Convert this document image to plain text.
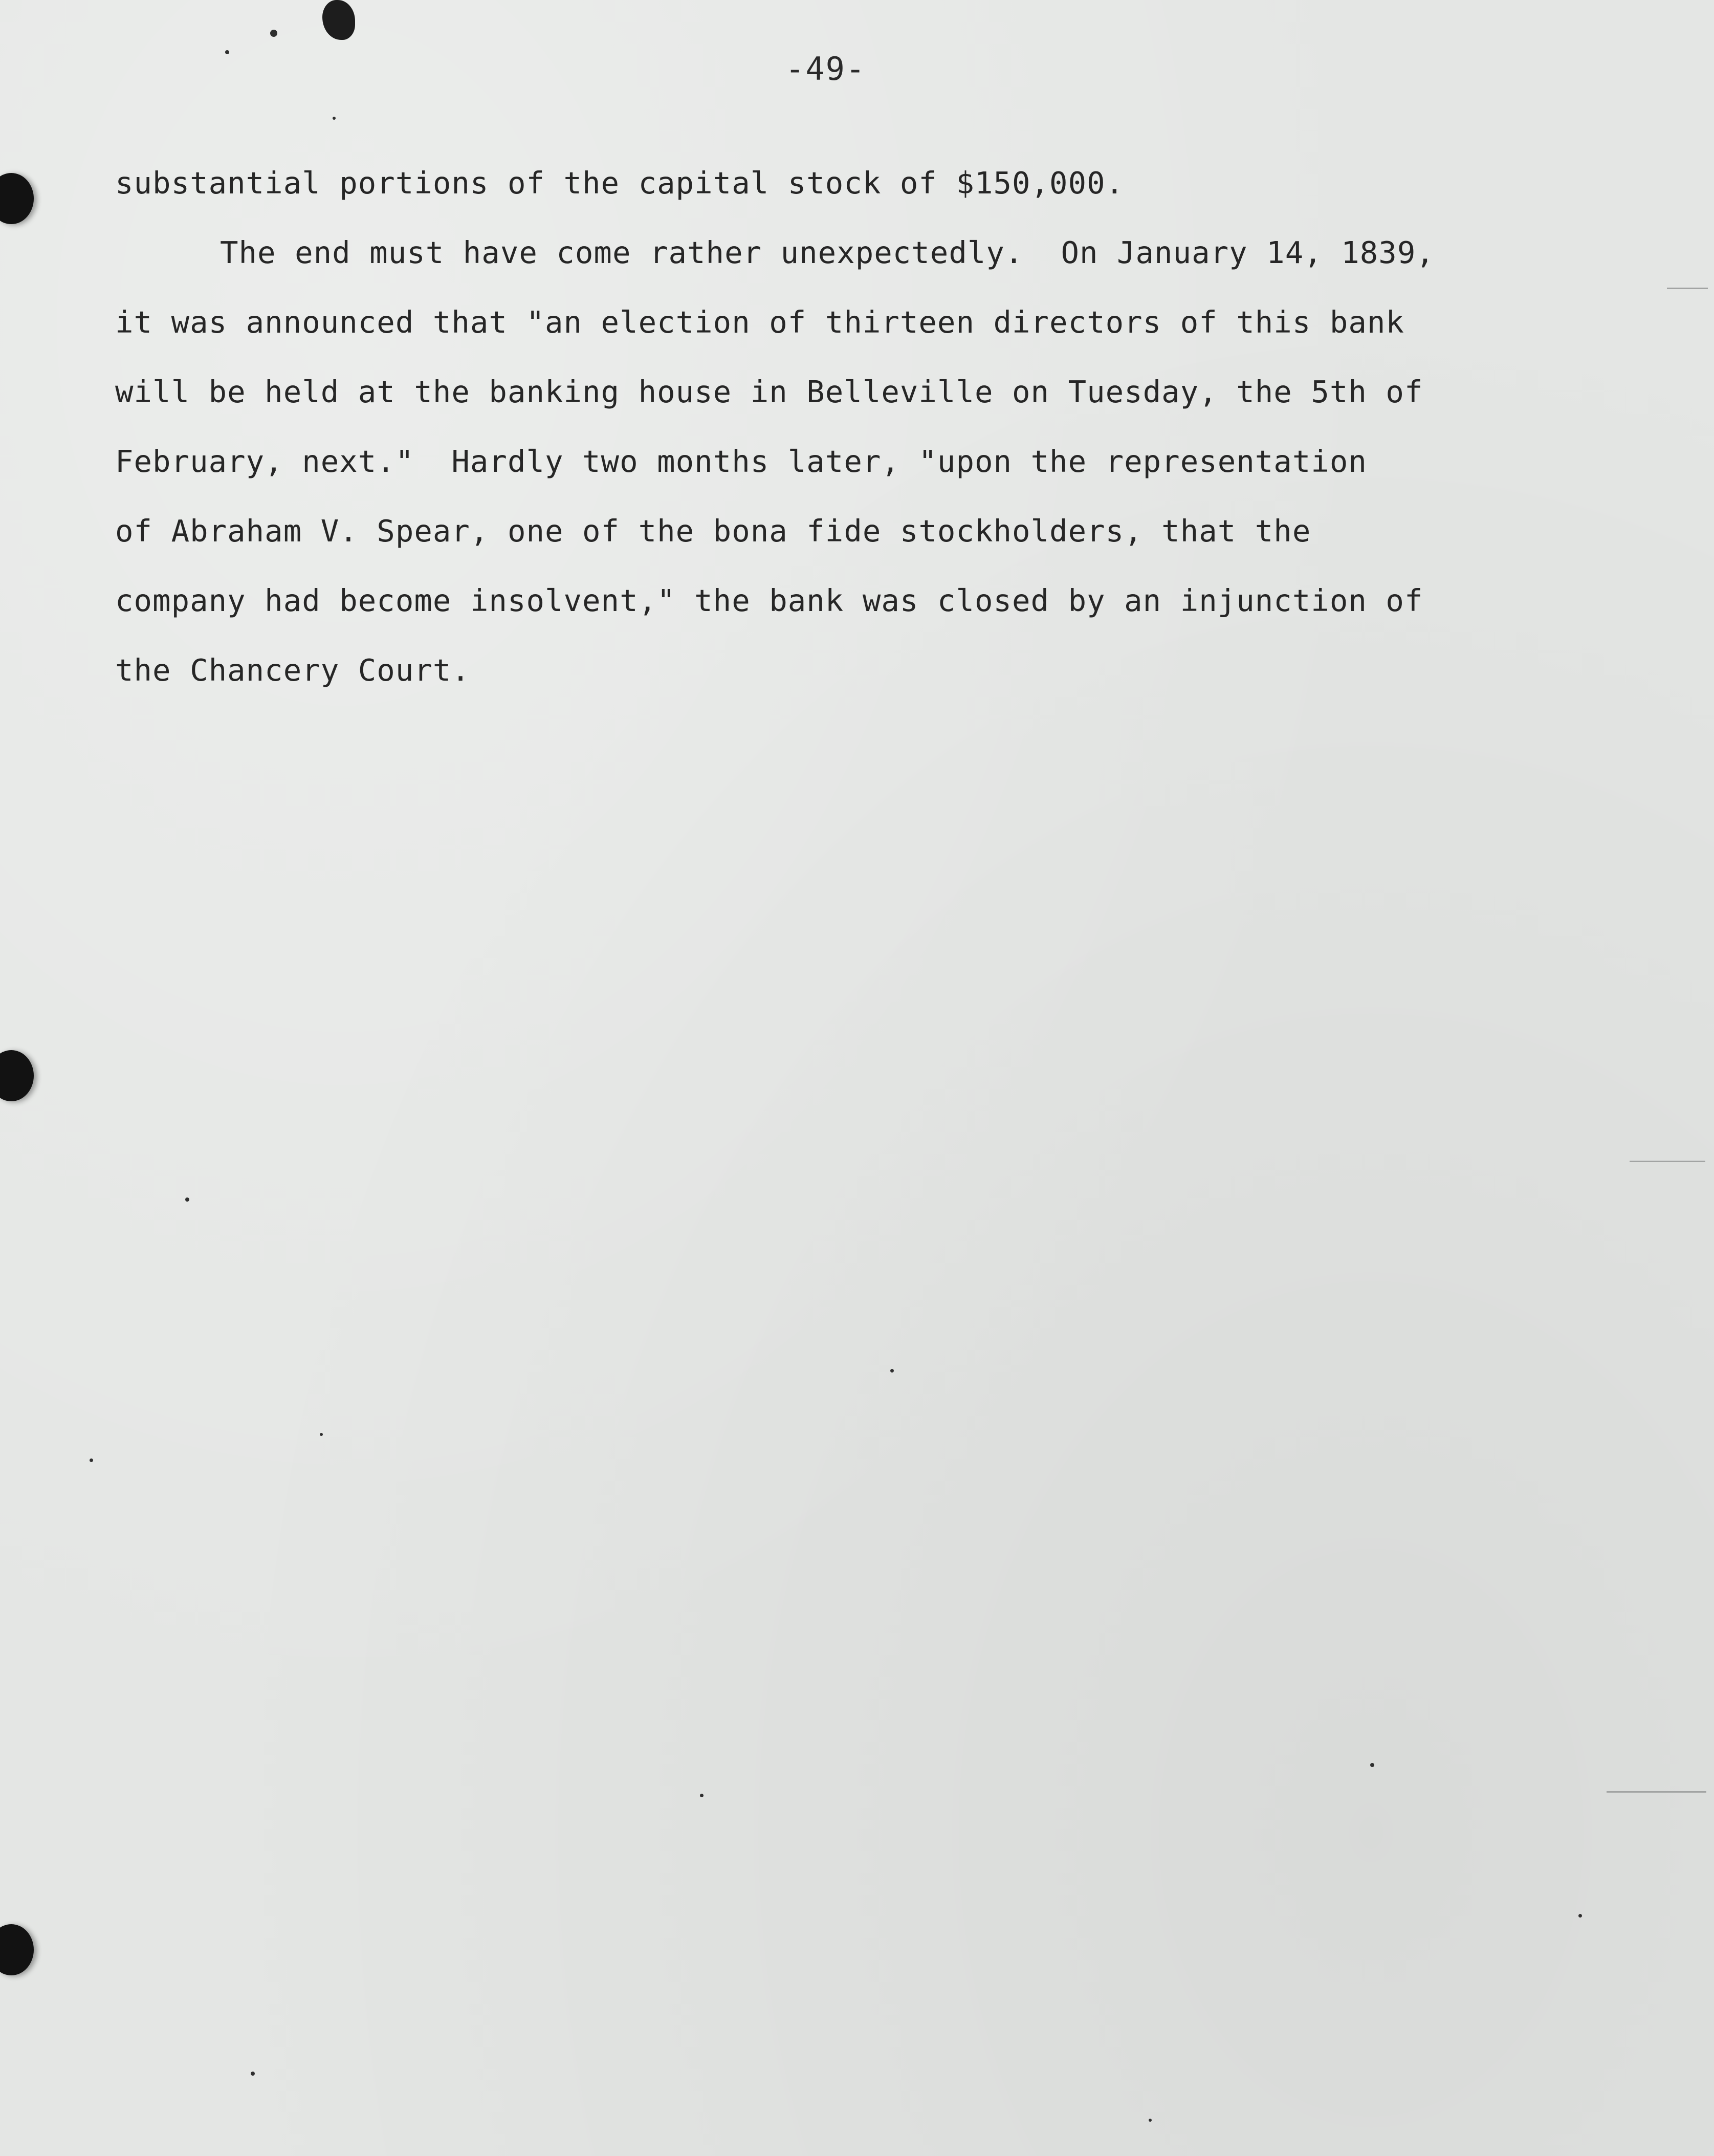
-49-

substantial portions of the capital stock of $150,000.
The end must have come rather unexpectedly.  On January 14, 1839,
it was announced that "an election of thirteen directors of this bank
will be held at the banking house in Belleville on Tuesday, the 5th of
February, next."  Hardly two months later, "upon the representation
of Abraham V. Spear, one of the bona fide stockholders, that the
company had become insolvent," the bank was closed by an injunction of
the Chancery Court.
